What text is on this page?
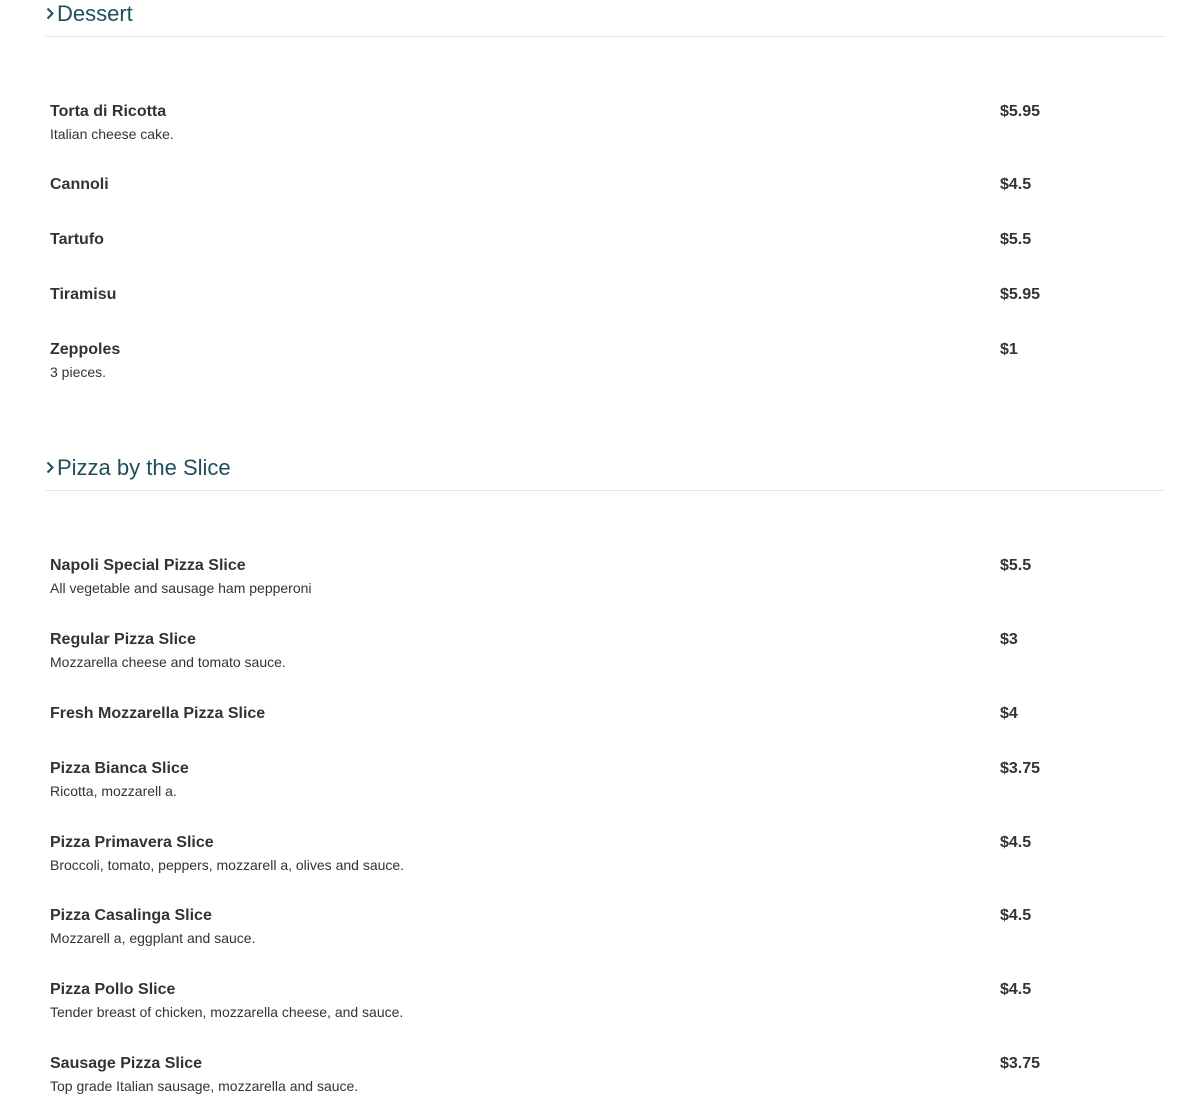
Dessert
Torta di Ricotta
Italian cheese cake.
$5.95
Cannoli	$4.5
Tartufo	$5.5
Tiramisu	$5.95
Zeppoles
3 pieces.
$1
Pizza by the Slice
Napoli Special Pizza Slice
All vegetable and sausage ham pepperoni
$5.5
Regular Pizza Slice
Mozzarella cheese and tomato sauce.
$3
Fresh Mozzarella Pizza Slice	$4
Pizza Bianca Slice
Ricotta, mozzarell a.
$3.75
Pizza Primavera Slice
Broccoli, tomato, peppers, mozzarell a, olives and sauce.
$4.5
Pizza Casalinga Slice
Mozzarell a, eggplant and sauce.
$4.5
Pizza Pollo Slice
Tender breast of chicken, mozzarella cheese, and sauce.
$4.5
Sausage Pizza Slice
Top grade Italian sausage, mozzarella and sauce.
$3.75
